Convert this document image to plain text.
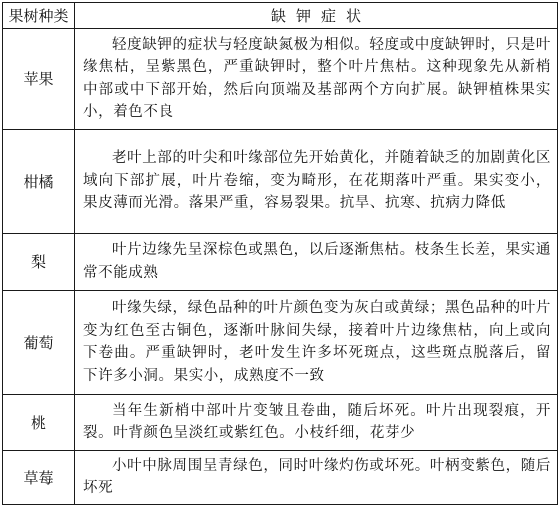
果树种类	缺钾症状
苹果	轻度缺钾的症状与轻度缺氮极为相似。轻度或中度缺钾时，只是叶缘焦枯，呈紫黑色，严重缺钾时，整个叶片焦枯。这种现象先从新梢中部或中下部开始，然后向顶端及基部两个方向扩展。缺钾植株果实小，着色不良
柑橘	老叶上部的叶尖和叶缘部位先开始黄化，并随着缺乏的加剧黄化区域向下部扩展，叶片卷缩，变为畸形，在花期落叶严重。果实变小，果皮薄而光滑。落果严重，容易裂果。抗旱、抗寒、抗病力降低
梨	叶片边缘先呈深棕色或黑色，以后逐渐焦枯。枝条生长差，果实通常不能成熟
葡萄	叶缘失绿，绿色品种的叶片颜色变为灰白或黄绿；黑色品种的叶片变为红色至古铜色，逐渐叶脉间失绿，接着叶片边缘焦枯，向上或向下卷曲。严重缺钾时，老叶发生许多坏死斑点，这些斑点脱落后，留下许多小洞。果实小，成熟度不一致
桃	当年生新梢中部叶片变皱且卷曲，随后坏死。叶片出现裂痕，开裂。叶背颜色呈淡红或紫红色。小枝纤细，花芽少
草莓	小叶中脉周围呈青绿色，同时叶缘灼伤或坏死。叶柄变紫色，随后坏死
